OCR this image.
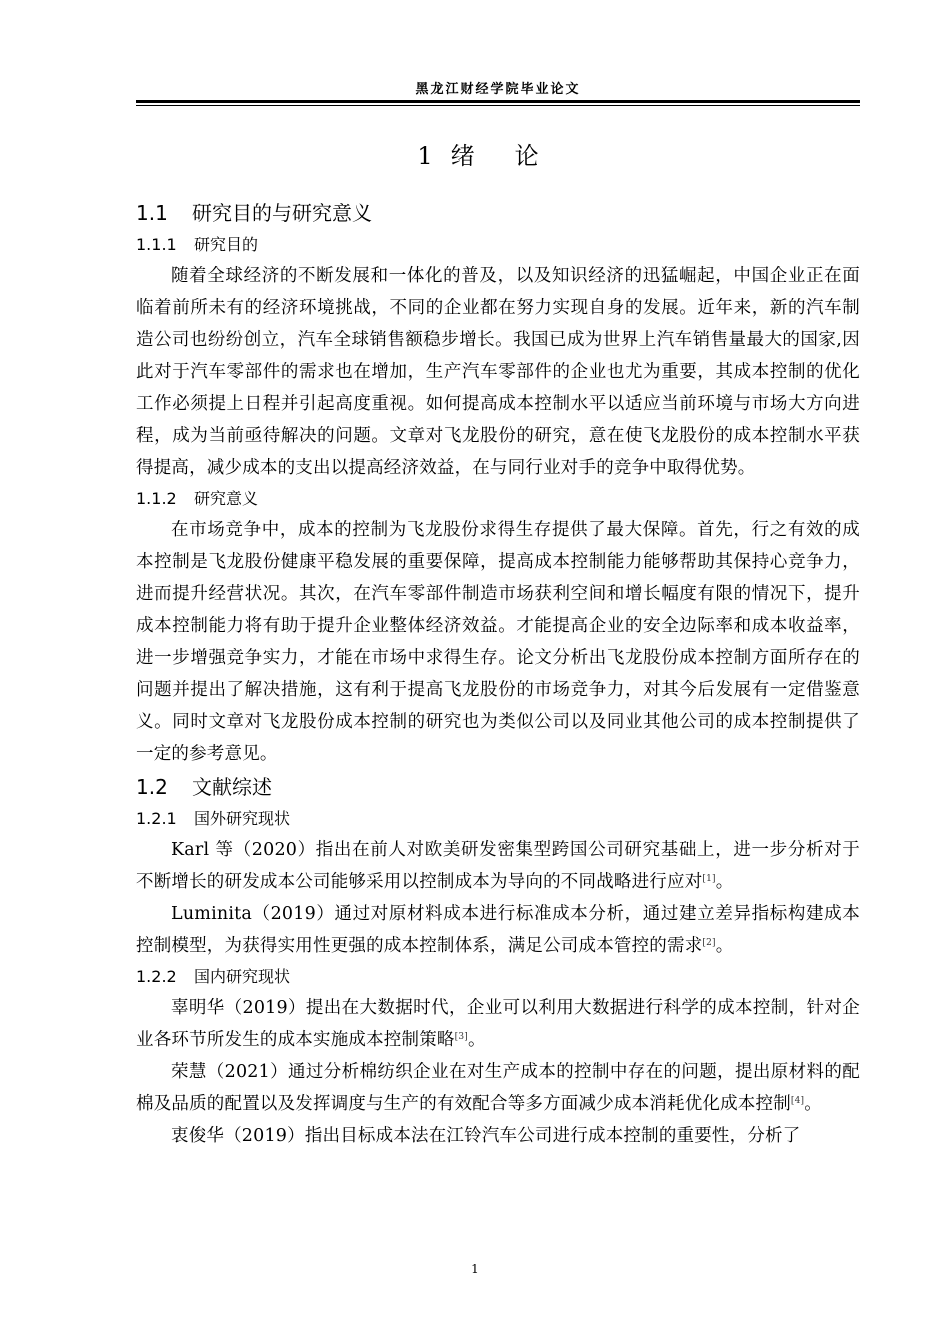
黑龙江财经学院毕业论文
1 绪论
1.1 研究目的与研究意义
1.1.1 研究目的

随着全球经济的不断发展和一体化的普及，以及知识经济的迅猛崛起，中国企业正在面临着前所未有的经济环境挑战，不同的企业都在努力实现自身的发展。近年来，新的汽车制造公司也纷纷创立，汽车全球销售额稳步增长。我国已成为世界上汽车销售量最大的国家,因此对于汽车零部件的需求也在增加，生产汽车零部件的企业也尤为重要，其成本控制的优化工作必须提上日程并引起高度重视。如何提高成本控制水平以适应当前环境与市场大方向进程，成为当前亟待解决的问题。文章对飞龙股份的研究，意在使飞龙股份的成本控制水平获得提高，减少成本的支出以提高经济效益，在与同行业对手的竞争中取得优势。

1.1.2 研究意义

在市场竞争中，成本的控制为飞龙股份求得生存提供了最大保障。首先，行之有效的成本控制是飞龙股份健康平稳发展的重要保障，提高成本控制能力能够帮助其保持心竞争力，进而提升经营状况。其次，在汽车零部件制造市场获利空间和增长幅度有限的情况下，提升成本控制能力将有助于提升企业整体经济效益。才能提高企业的安全边际率和成本收益率，进一步增强竞争实力，才能在市场中求得生存。论文分析出飞龙股份成本控制方面所存在的问题并提出了解决措施，这有利于提高飞龙股份的市场竞争力，对其今后发展有一定借鉴意义。同时文章对飞龙股份成本控制的研究也为类似公司以及同业其他公司的成本控制提供了一定的参考意见。

1.2 文献综述
1.2.1 国外研究现状

Karl 等（2020）指出在前人对欧美研发密集型跨国公司研究基础上，进一步分析对于不断增长的研发成本公司能够采用以控制成本为导向的不同战略进行应对[1]。

Luminita（2019）通过对原材料成本进行标准成本分析，通过建立差异指标构建成本控制模型，为获得实用性更强的成本控制体系，满足公司成本管控的需求[2]。

1.2.2 国内研究现状

辜明华（2019）提出在大数据时代，企业可以利用大数据进行科学的成本控制，针对企业各环节所发生的成本实施成本控制策略[3]。

荣慧（2021）通过分析棉纺织企业在对生产成本的控制中存在的问题，提出原材料的配棉及品质的配置以及发挥调度与生产的有效配合等多方面减少成本消耗优化成本控制[4]。

衷俊华（2019）指出目标成本法在江铃汽车公司进行成本控制的重要性，分析了

1
